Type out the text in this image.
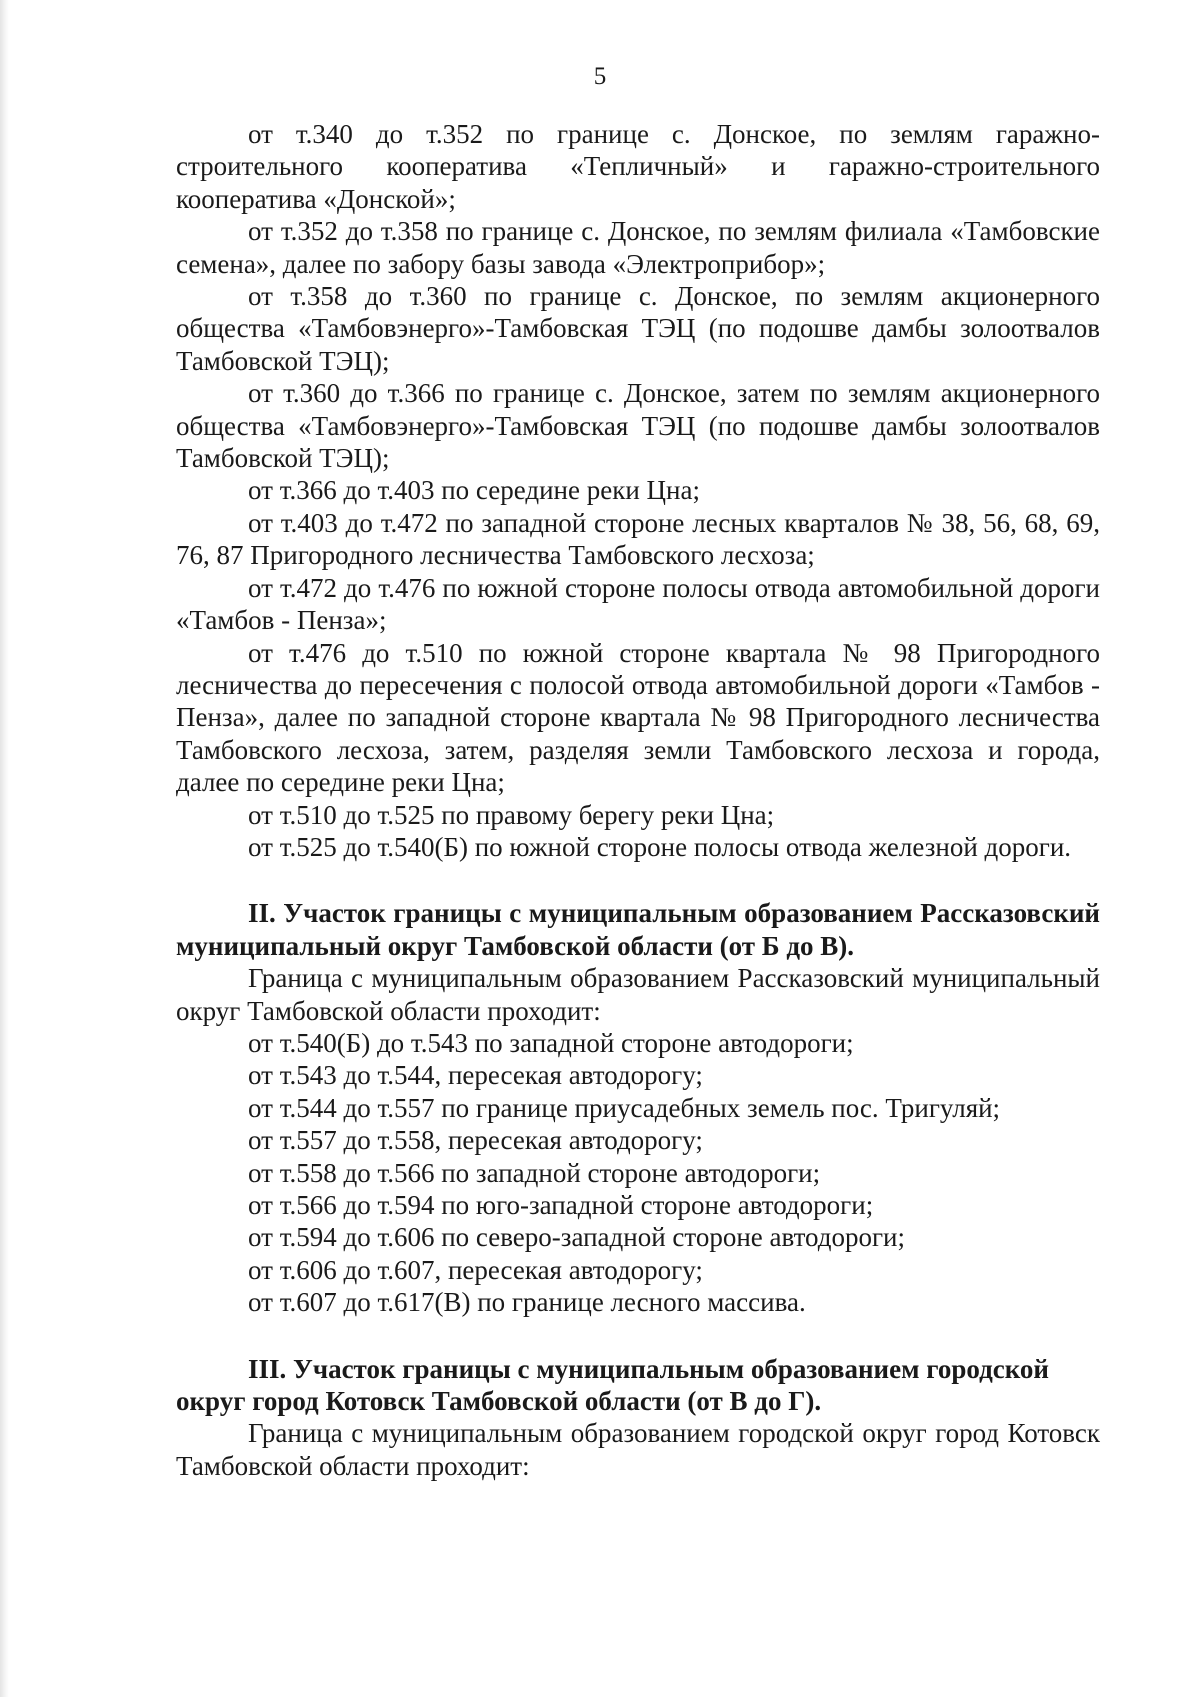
5

от т.340 до т.352 по границе с. Донское, по землям гаражно-строительного кооператива «Тепличный» и гаражно-строительного кооператива «Донской»;

от т.352 до т.358 по границе с. Донское, по землям филиала «Тамбовские семена», далее по забору базы завода «Электроприбор»;

от т.358 до т.360 по границе с. Донское, по землям акционерного общества «Тамбовэнерго»-Тамбовская ТЭЦ (по подошве дамбы золоотвалов Тамбовской ТЭЦ);

от т.360 до т.366 по границе с. Донское, затем по землям акционерного общества «Тамбовэнерго»-Тамбовская ТЭЦ (по подошве дамбы золоотвалов Тамбовской ТЭЦ);

от т.366 до т.403 по середине реки Цна;

от т.403 до т.472 по западной стороне лесных кварталов № 38, 56, 68, 69, 76, 87 Пригородного лесничества Тамбовского лесхоза;

от т.472 до т.476 по южной стороне полосы отвода автомобильной дороги «Тамбов - Пенза»;

от т.476 до т.510 по южной стороне квартала № 98 Пригородного лесничества до пересечения с полосой отвода автомобильной дороги «Тамбов - Пенза», далее по западной стороне квартала № 98 Пригородного лесничества Тамбовского лесхоза, затем, разделяя земли Тамбовского лесхоза и города, далее по середине реки Цна;

от т.510 до т.525 по правому берегу реки Цна;

от т.525 до т.540(Б) по южной стороне полосы отвода железной дороги.

II. Участок границы с муниципальным образованием Рассказовский муниципальный округ Тамбовской области (от Б до В).

Граница с муниципальным образованием Рассказовский муниципальный округ Тамбовской области проходит:

от т.540(Б) до т.543 по западной стороне автодороги;

от т.543 до т.544, пересекая автодорогу;

от т.544 до т.557 по границе приусадебных земель пос. Тригуляй;

от т.557 до т.558, пересекая автодорогу;

от т.558 до т.566 по западной стороне автодороги;

от т.566 до т.594 по юго-западной стороне автодороги;

от т.594 до т.606 по северо-западной стороне автодороги;

от т.606 до т.607, пересекая автодорогу;

от т.607 до т.617(В) по границе лесного массива.

III. Участок границы с муниципальным образованием городской округ город Котовск Тамбовской области (от В до Г).

Граница с муниципальным образованием городской округ город Котовск Тамбовской области проходит:
